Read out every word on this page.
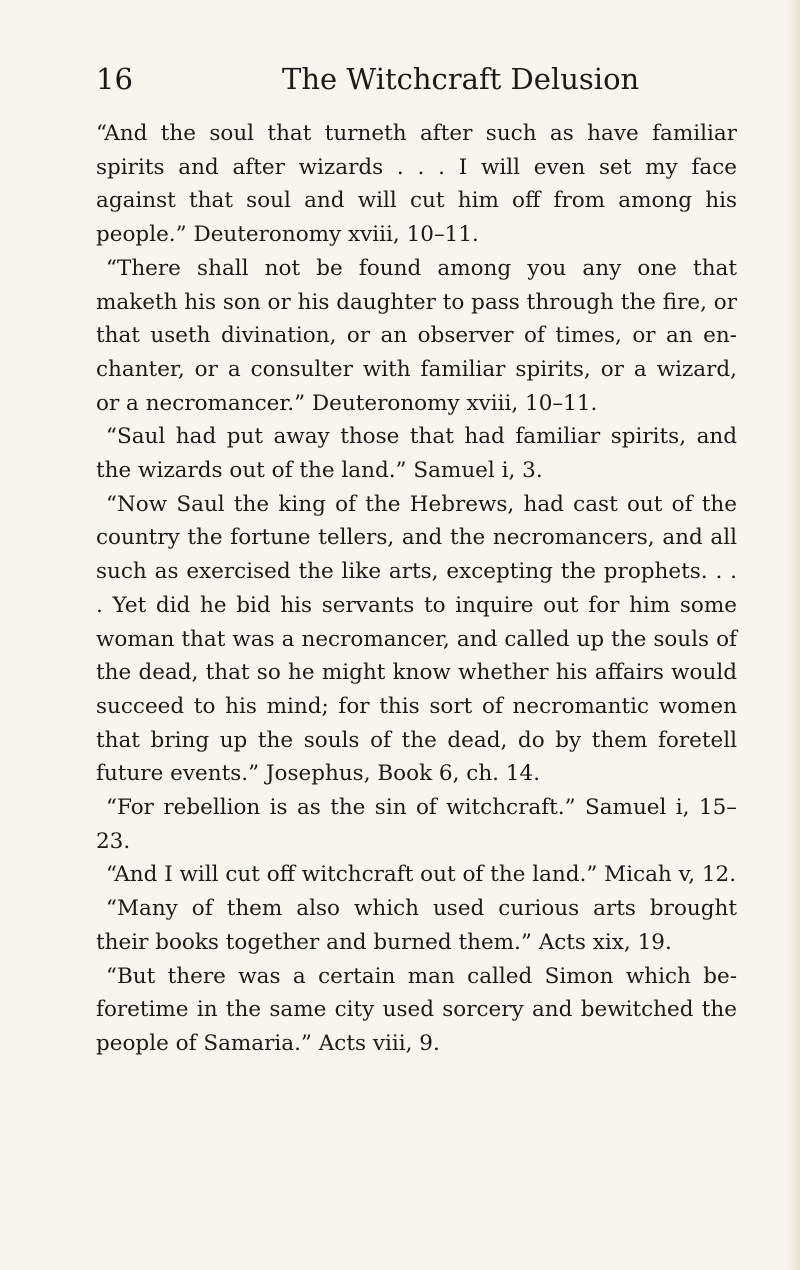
16	The Witchcraft Delusion

“And the soul that turneth after such as have familiar spirits and after wizards . . . I will even set my face against that soul and will cut him off from among his people.” Deuteronomy xviii, 10–11.

“There shall not be found among you any one that maketh his son or his daughter to pass through the fire, or that useth divination, or an observer of times, or an enchanter, or a consulter with familiar spirits, or a wizard, or a necromancer.” Deuteronomy xviii, 10–11.

“Saul had put away those that had familiar spirits, and the wizards out of the land.” Samuel i, 3.

“Now Saul the king of the Hebrews, had cast out of the country the fortune tellers, and the necromancers, and all such as exercised the like arts, excepting the prophets. . . . Yet did he bid his servants to inquire out for him some woman that was a necromancer, and called up the souls of the dead, that so he might know whether his affairs would succeed to his mind; for this sort of necromantic women that bring up the souls of the dead, do by them foretell future events.” Josephus, Book 6, ch. 14.

“For rebellion is as the sin of witchcraft.” Samuel i, 15–23.

“And I will cut off witchcraft out of the land.” Micah v, 12.

“Many of them also which used curious arts brought their books together and burned them.” Acts xix, 19.

“But there was a certain man called Simon which beforetime in the same city used sorcery and bewitched the people of Samaria.” Acts viii, 9.
